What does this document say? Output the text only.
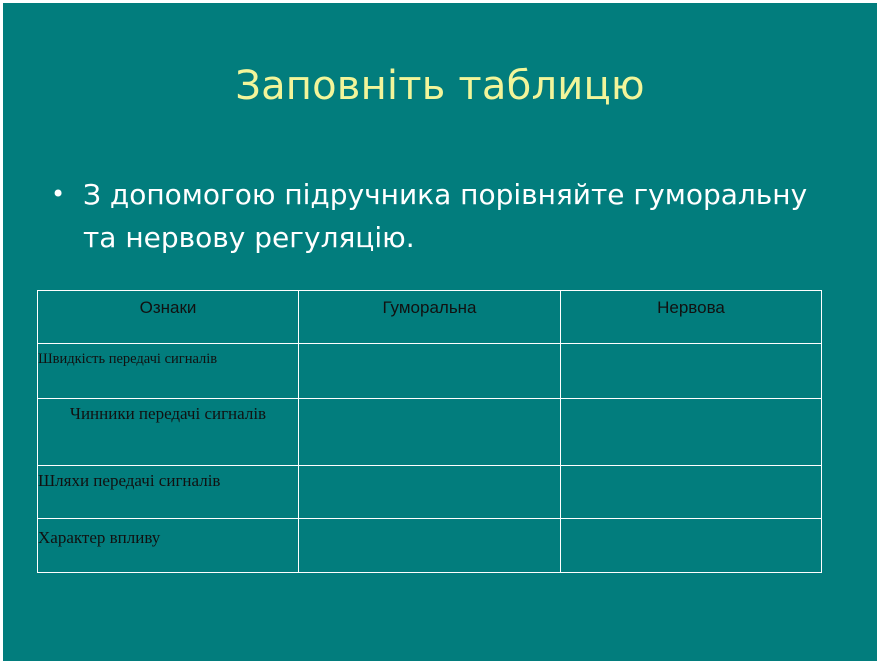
Заповніть таблицю
• З допомогою підручника порівняйте гуморальну та нервову регуляцію.
Ознаки	Гуморальна	Нервова
Швидкість передачі сигналів		
Чинники передачі сигналів		
Шляхи передачі сигналів		
Характер впливу		
